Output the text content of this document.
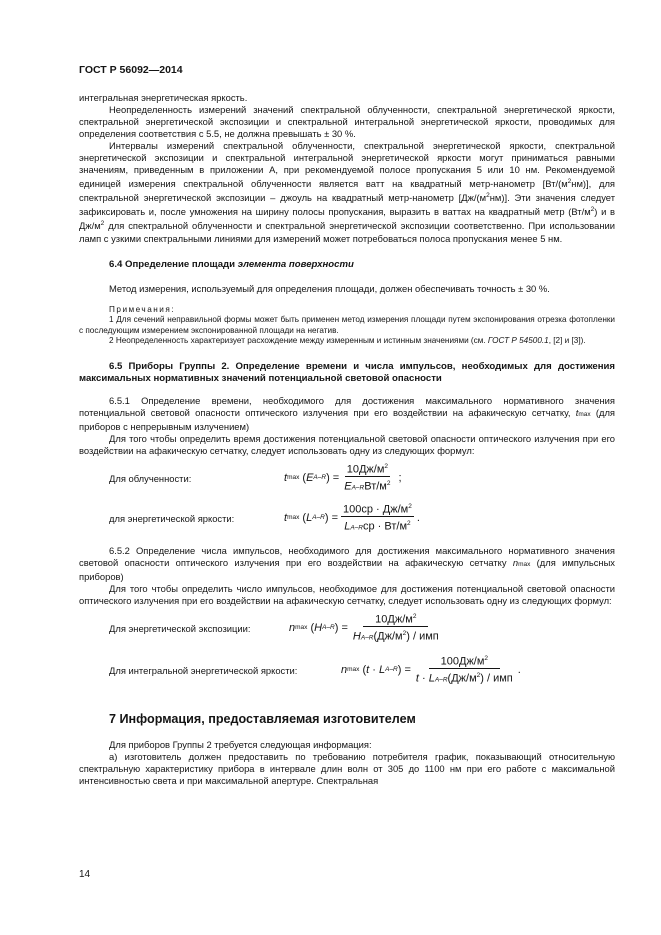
ГОСТ Р 56092—2014

интегральная энергетическая яркость.

Неопределенность измерений значений спектральной облученности, спектральной энергетической яркости, спектральной энергетической экспозиции и спектральной интегральной энергетической яркости, проводимых для определения соответствия с 5.5, не должна превышать ± 30 %.

Интервалы измерений спектральной облученности, спектральной энергетической яркости, спектральной энергетической экспозиции и спектральной интегральной энергетической яркости могут приниматься равными значениям, приведенным в приложении А, при рекомендуемой полосе пропускания 5 или 10 нм. Рекомендуемой единицей измерения спектральной облученности является ватт на квадратный метр-нанометр $[Вт/(м^2нм)]$, для спектральной энергетической экспозиции – джоуль на квадратный метр-нанометр $[Дж/(м^2нм)]$. Эти значения следует зафиксировать и, после умножения на ширину полосы пропускания, выразить в ваттах на квадратный метр $(Вт/м^2)$ и в $Дж/м^2$ для спектральной облученности и спектральной энергетической экспозиции соответственно. При использовании ламп с узкими спектральными линиями для измерений может потребоваться полоса пропускания менее 5 нм.

6.4 Определение площади элемента поверхности

Метод измерения, используемый для определения площади, должен обеспечивать точность ± 30 %.

Примечания:

1 Для сечений неправильной формы может быть применен метод измерения площади путем экспонирования отрезка фотопленки с последующим измерением экспонированной площади на негатив.

2 Неопределенность характеризует расхождение между измеренным и истинным значениями (см. ГОСТ Р 54500.1, [2] и [3]).

6.5 Приборы Группы 2. Определение времени и числа импульсов, необходимых для достижения максимальных нормативных значений потенциальной световой опасности

6.5.1 Определение времени, необходимого для достижения максимального нормативного значения потенциальной световой опасности оптического излучения при его воздействии на афакическую сетчатку, tmax (для приборов с непрерывным излучением)

Для того чтобы определить время достижения потенциальной световой опасности оптического излучения при его воздействии на афакическую сетчатку, следует использовать одну из следующих формул:

Для облученности:	t max ( E A–R ) = $\frac{10Дж/м^2}{EA-RВт/м^2}$ ;
для энергетической яркости:	t max ( L A–R ) = $\frac{100ср \cdot Дж/м^2}{LA-Rср \cdot Вт/м^2}$ .

6.5.2 Определение числа импульсов, необходимого для достижения максимального нормативного значения световой опасности оптического излучения при его воздействии на афакическую сетчатку nmax (для импульсных приборов)

Для того чтобы определить число импульсов, необходимое для достижения потенциальной световой опасности оптического излучения при его воздействии на афакическую сетчатку, следует использовать одну из следующих формул:

Для энергетической экспозиции:	n max ( H A–R ) = $\frac{10Дж/м^2}{HA-R(Дж/м^2) / имп}$
Для интегральной энергетической яркости:	n max ( t · L A–R ) = $\frac{100Дж/м^2}{t \cdot LA-R(Дж/м^2) / имп}$ .
7 Информация, предоставляемая изготовителем

Для приборов Группы 2 требуется следующая информация:

а) изготовитель должен предоставить по требованию потребителя график, показывающий относительную спектральную характеристику прибора в интервале длин волн от 305 до 1100 нм при его работе с максимальной интенсивностью света и при максимальной апертуре. Спектральная

14
